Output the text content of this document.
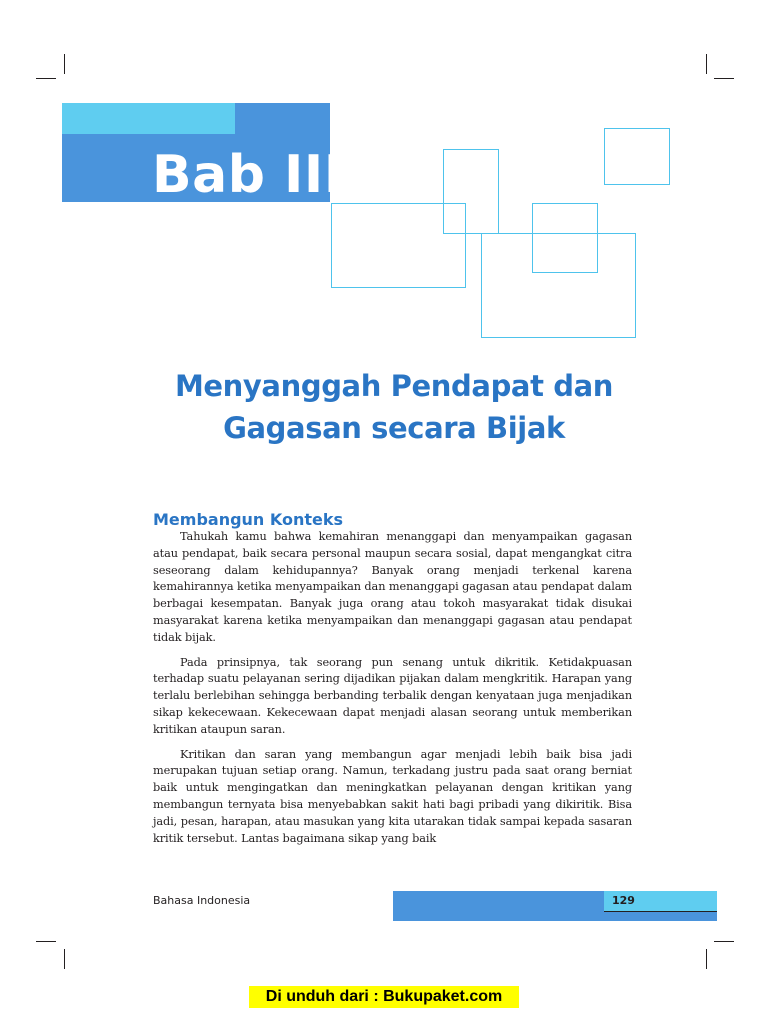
Bab III
Menyanggah Pendapat dan
Gagasan secara Bijak
Membangun Konteks

Tahukah kamu bahwa kemahiran menanggapi dan menyampaikan gagasan atau pendapat, baik secara personal maupun secara sosial, dapat mengangkat citra seseorang dalam kehidupannya? Banyak orang menjadi terkenal karena kemahirannya ketika menyampaikan dan menanggapi gagasan atau pendapat dalam berbagai kesempatan. Banyak juga orang atau tokoh masyarakat tidak disukai masyarakat karena ketika menyampaikan dan menanggapi gagasan atau pendapat tidak bijak.

Pada prinsipnya, tak seorang pun senang untuk dikritik. Ketidakpuasan terhadap suatu pelayanan sering dijadikan pijakan dalam mengkritik. Harapan yang terlalu berlebihan sehingga berbanding terbalik dengan kenyataan juga menjadikan sikap kekecewaan. Kekecewaan dapat menjadi alasan seorang untuk memberikan kritikan ataupun saran.

Kritikan dan saran yang membangun agar menjadi lebih baik bisa jadi merupakan tujuan setiap orang. Namun, terkadang justru pada saat orang berniat baik untuk mengingatkan dan meningkatkan pelayanan dengan kritikan yang membangun ternyata bisa menyebabkan sakit hati bagi pribadi yang dikiritik. Bisa jadi, pesan, harapan, atau masukan yang kita utarakan tidak sampai kepada sasaran kritik tersebut. Lantas bagaimana sikap yang baik

Bahasa Indonesia	129
Di unduh dari : Bukupaket.com
